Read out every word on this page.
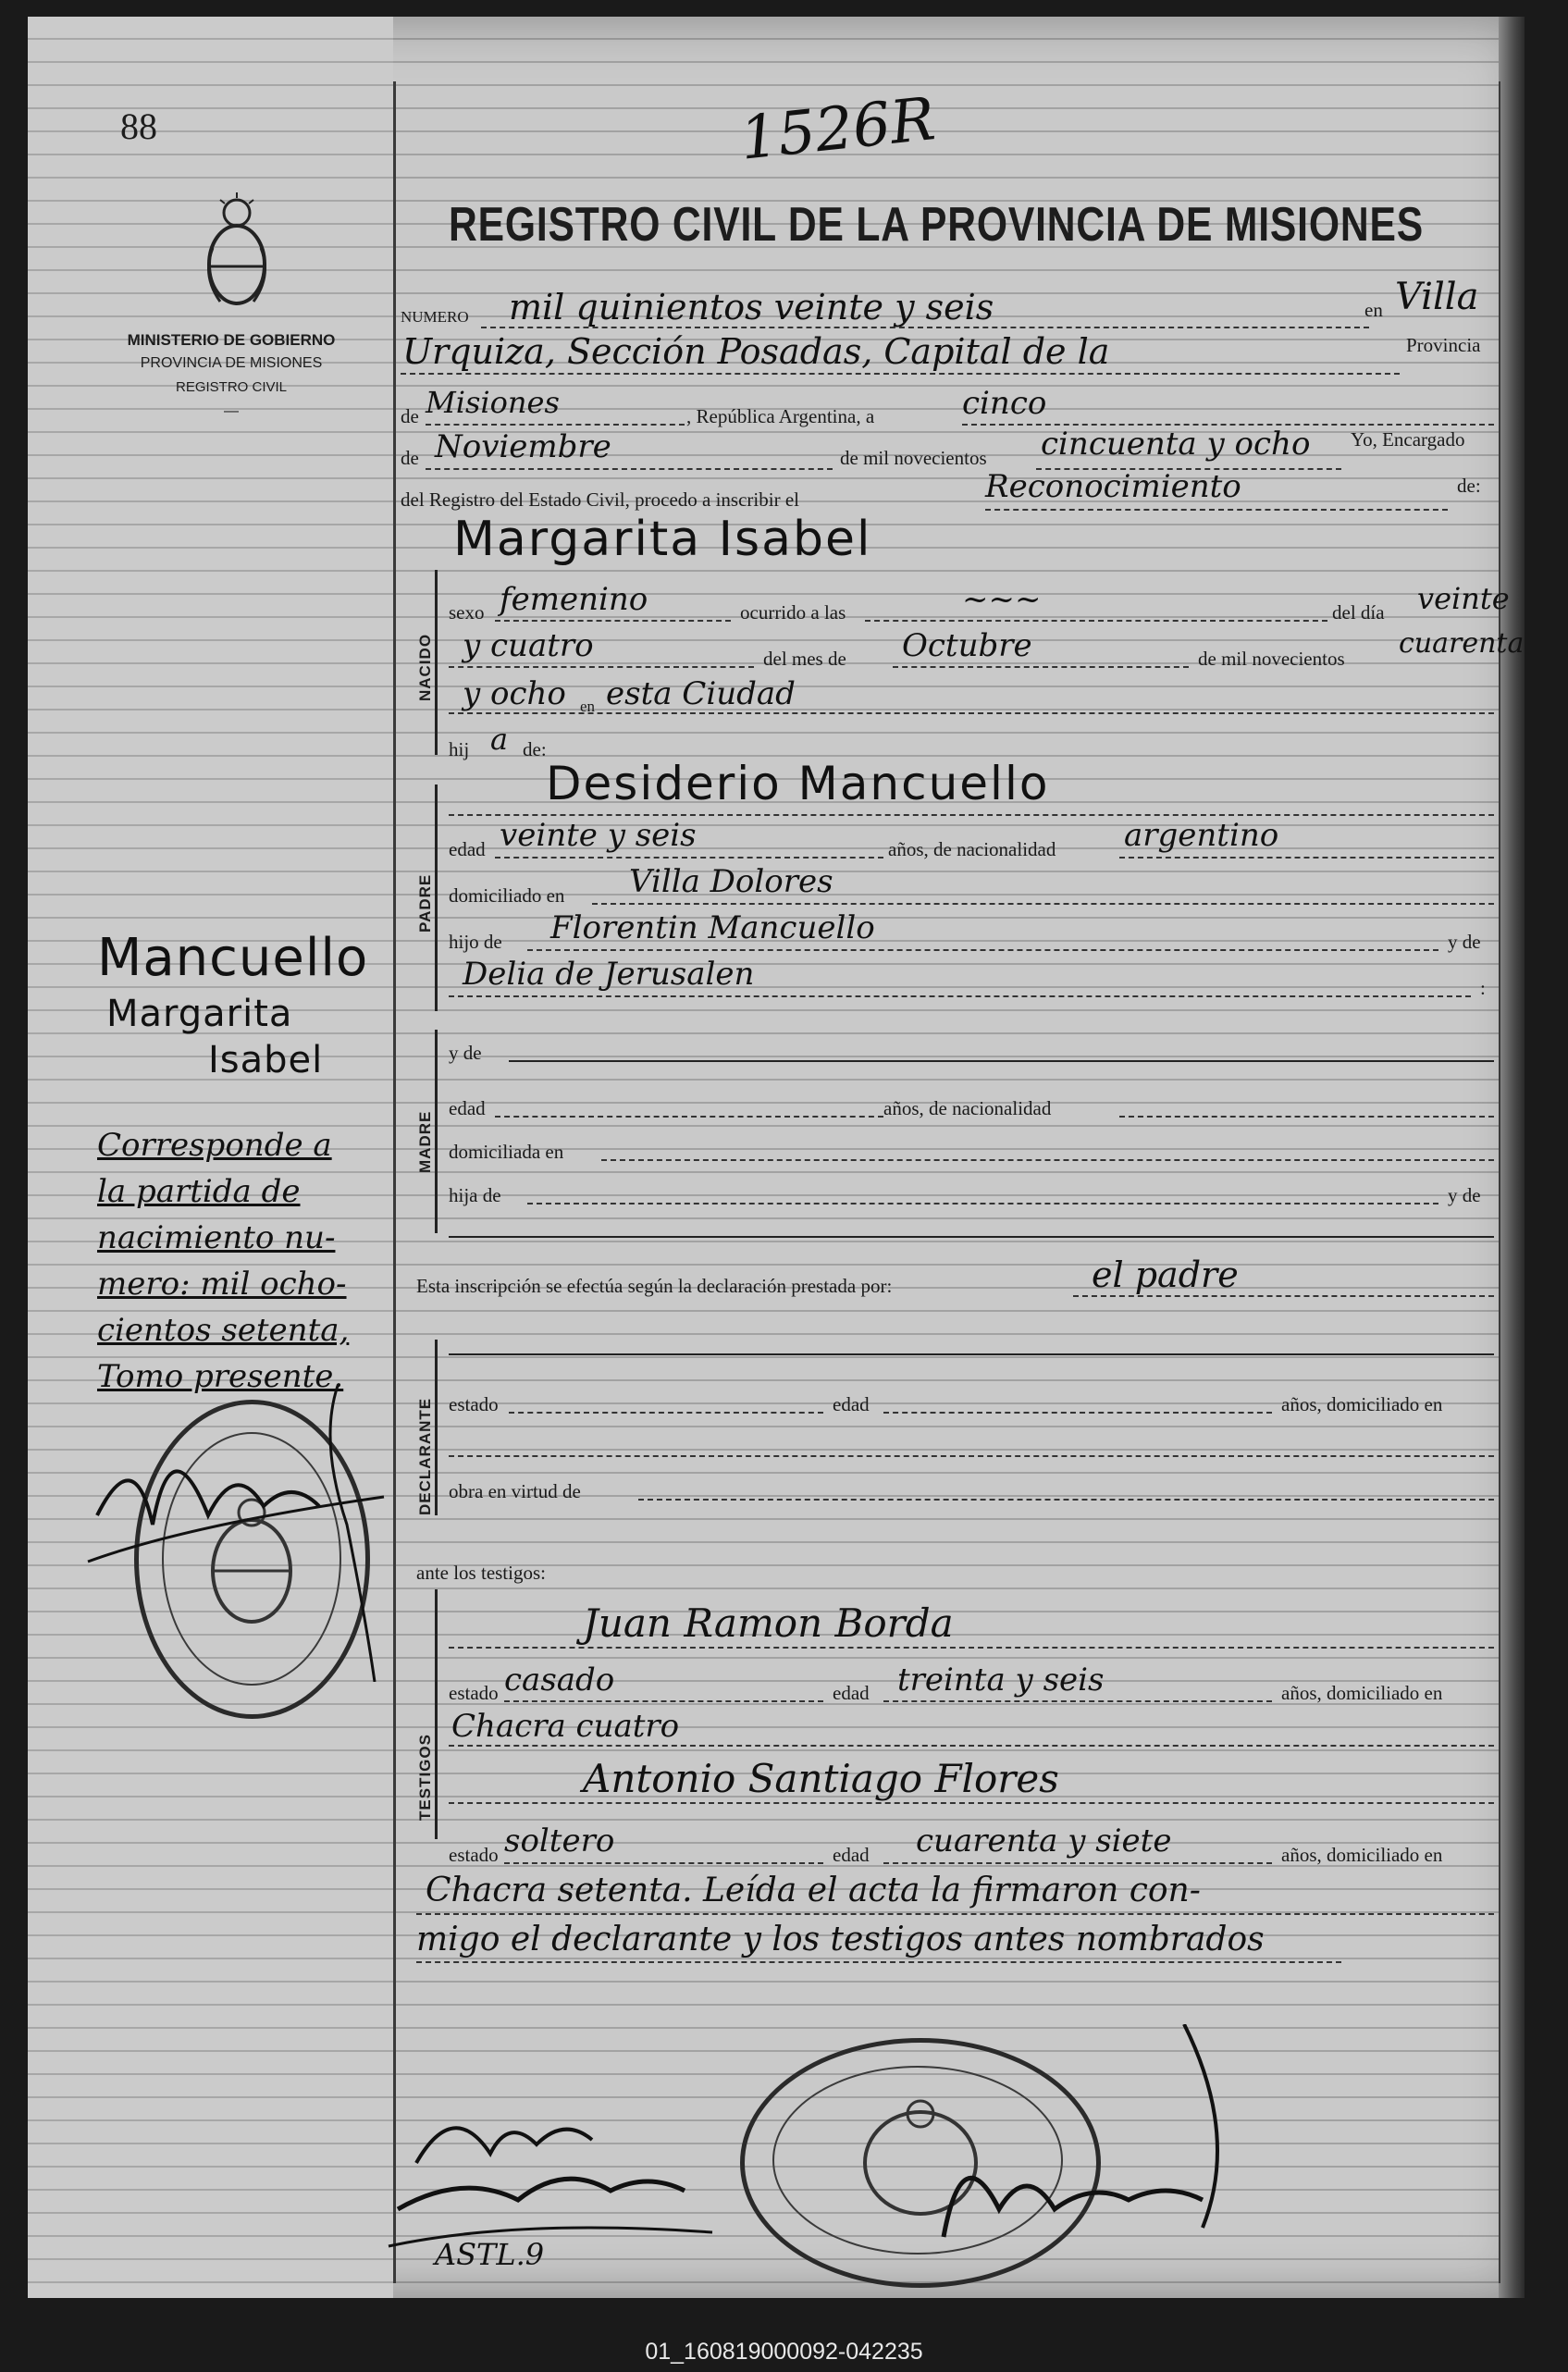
88	1526R
MINISTERIO DE GOBIERNO
PROVINCIA DE MISIONES
REGISTRO CIVIL
—
REGISTRO CIVIL DE LA PROVINCIA DE MISIONES
NUMERO mil quinientos veinte y seis	en Villa
Urquiza, Sección Posadas, Capital de la	Provincia
de Misiones	, República Argentina, a	cinco
de Noviembre	de mil novecientos cincuenta y ocho Yo, Encargado
del Registro del Estado Civil, procedo a inscribir el	Reconocimiento	de:
Margarita Isabel
NACIDO
sexo femenino	ocurrido a las	~~~	del día veinte
y cuatro	del mes de Octubre	de mil novecientos cuarenta
y ocho en esta Ciudad
hij a de:
Desiderio Mancuello
PADRE
edad veinte y seis	años, de nacionalidad argentino
domiciliado en Villa Dolores
hijo de Florentin Mancuello	y de
Delia de Jerusalen	:
MADRE
y de
edad	años, de nacionalidad
domiciliada en
hija de	y de
Esta inscripción se efectúa según la declaración prestada por:	el padre
DECLARANTE estado	edad	años, domiciliado en
obra en virtud de
ante los testigos:
TESTIGOS
Juan Ramon Borda
estado casado	edad treinta y seis	años, domiciliado en
Chacra cuatro
Antonio Santiago Flores
estado soltero	edad cuarenta y siete	años, domiciliado en
Chacra setenta. Leída el acta la firmaron con-
migo el declarante y los testigos antes nombrados
Mancuello
Margarita
Isabel
Corresponde a
la partida de
nacimiento nu-
mero: mil ocho-
cientos setenta,
Tomo presente.
ASTL.9
01_160819000092-042235
